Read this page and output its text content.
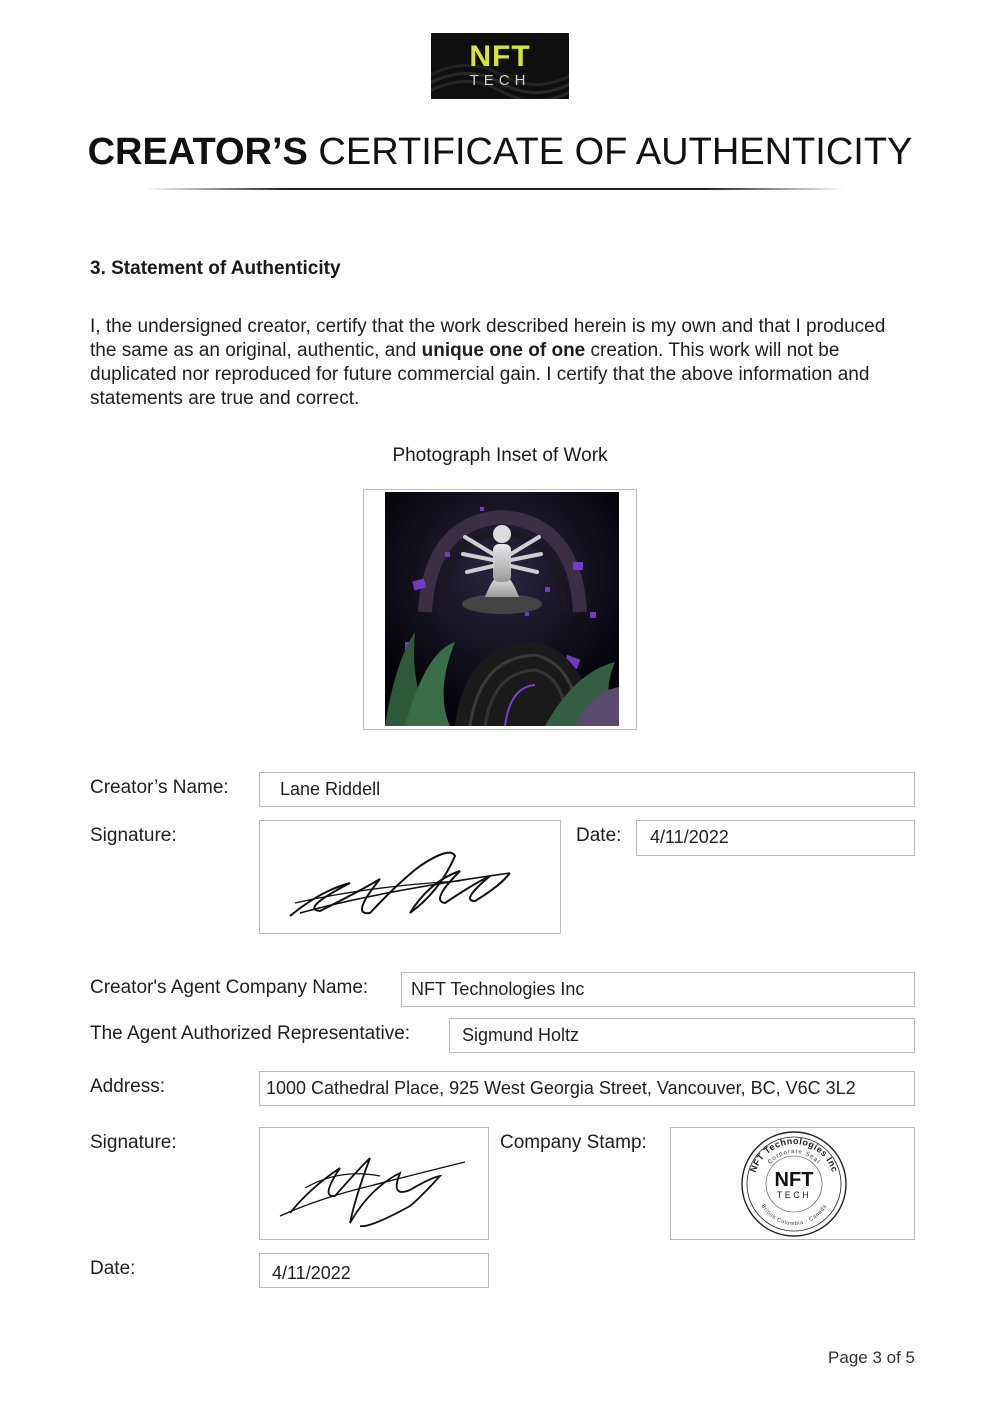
NFT
TECH
CREATOR’S CERTIFICATE OF AUTHENTICITY
3. Statement of Authenticity
I, the undersigned creator, certify that the work described herein is my own and that I produced the same as an original, authentic, and unique one of one creation. This work will not be duplicated nor reproduced for future commercial gain. I certify that the above information and statements are true and correct.
Photograph Inset of Work
Creator’s Name:	Lane Riddell
Signature:	Date:	4/11/2022
Creator's Agent Company Name:	NFT Technologies Inc
The Agent Authorized Representative:	Sigmund Holtz
Address:	1000 Cathedral Place, 925 West Georgia Street, Vancouver, BC, V6C 3L2
Signature:	Company Stamp:
NFT Technologies Inc
Corporate Seal
British Columbia · Canada
NFT
TECH
Date:	4/11/2022
Page 3 of 5
